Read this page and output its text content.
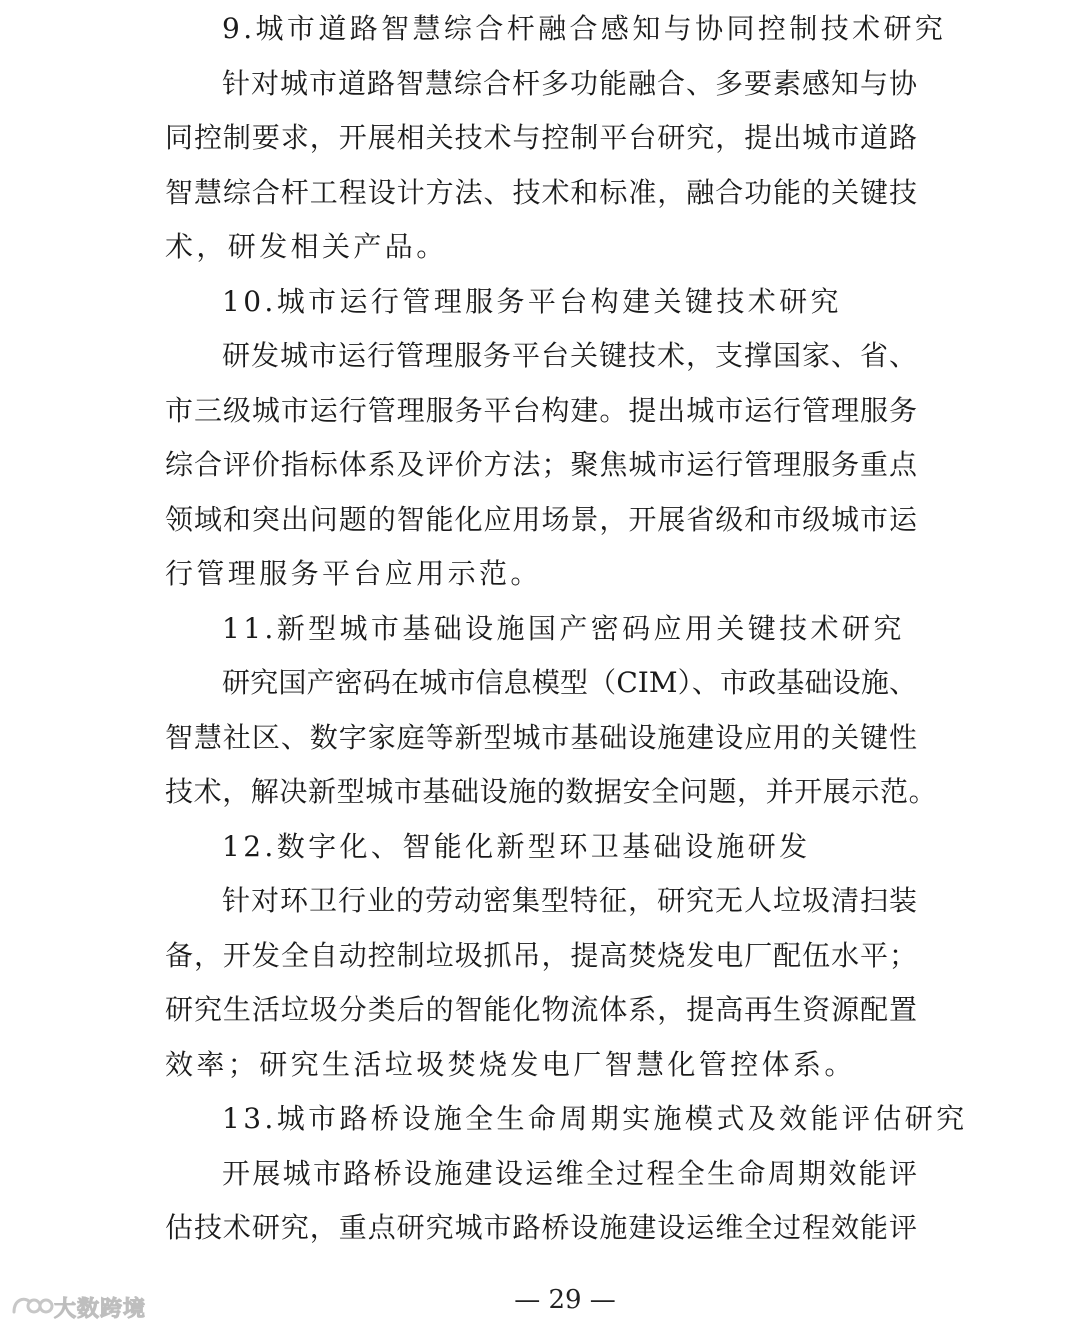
9.城市道路智慧综合杆融合感知与协同控制技术研究
针对城市道路智慧综合杆多功能融合、多要素感知与协
同控制要求，开展相关技术与控制平台研究，提出城市道路
智慧综合杆工程设计方法、技术和标准，融合功能的关键技
术，研发相关产品。
10.城市运行管理服务平台构建关键技术研究
研发城市运行管理服务平台关键技术，支撑国家、省、
市三级城市运行管理服务平台构建。提出城市运行管理服务
综合评价指标体系及评价方法；聚焦城市运行管理服务重点
领域和突出问题的智能化应用场景，开展省级和市级城市运
行管理服务平台应用示范。
11.新型城市基础设施国产密码应用关键技术研究
研究国产密码在城市信息模型（CIM）、市政基础设施、
智慧社区、数字家庭等新型城市基础设施建设应用的关键性
技术，解决新型城市基础设施的数据安全问题，并开展示范。
12.数字化、智能化新型环卫基础设施研发
针对环卫行业的劳动密集型特征，研究无人垃圾清扫装
备，开发全自动控制垃圾抓吊，提高焚烧发电厂配伍水平；
研究生活垃圾分类后的智能化物流体系，提高再生资源配置
效率；研究生活垃圾焚烧发电厂智慧化管控体系。
13.城市路桥设施全生命周期实施模式及效能评估研究
开展城市路桥设施建设运维全过程全生命周期效能评
估技术研究，重点研究城市路桥设施建设运维全过程效能评
— 29 —
大数跨境
